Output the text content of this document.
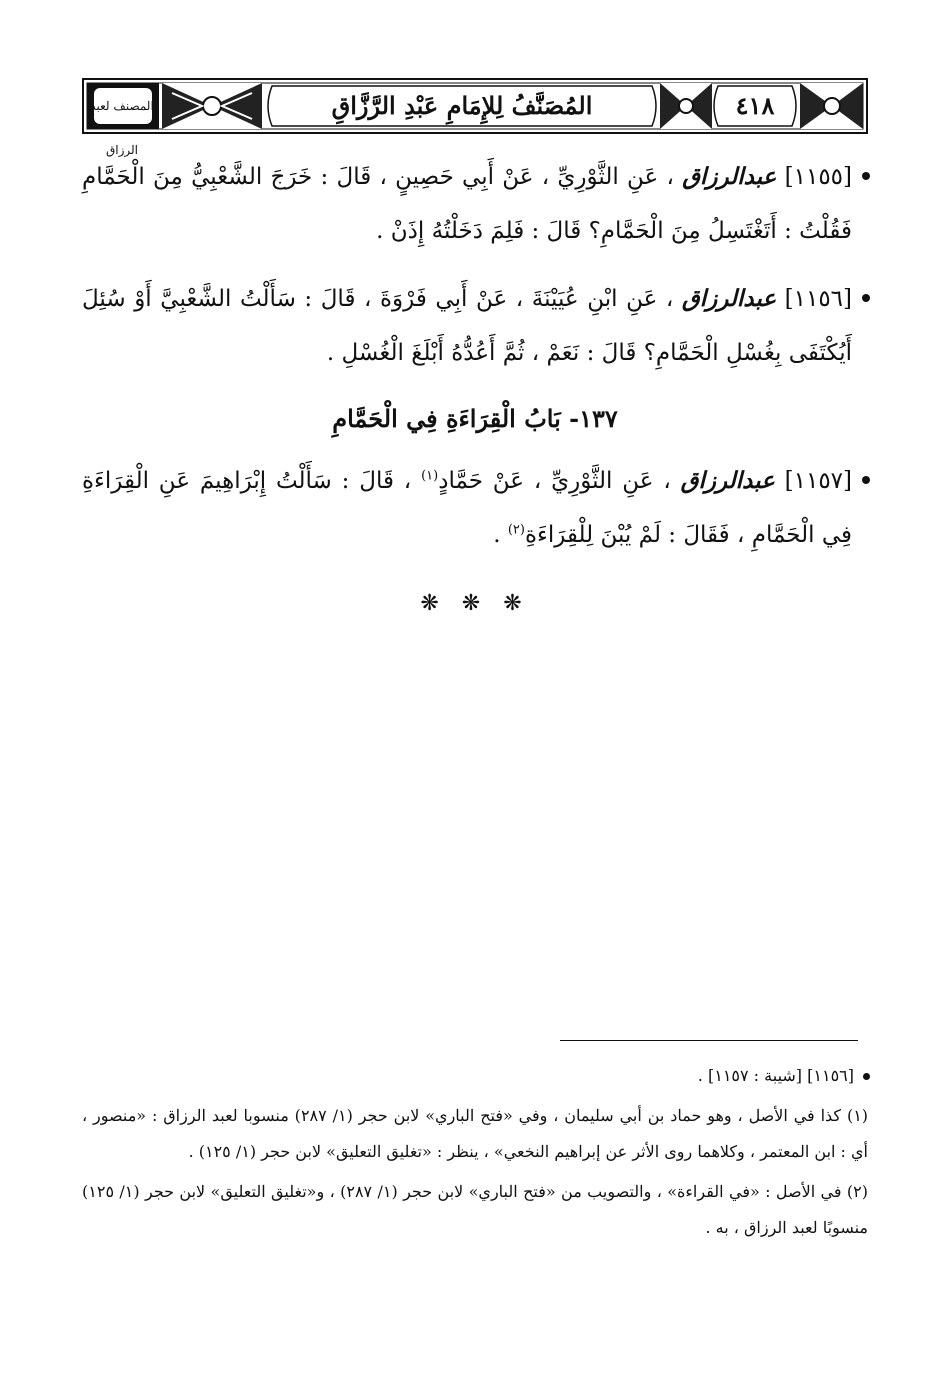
المصنف لعبد الرزاق
المُصَنَّفُ لِلإِمَامِ عَبْدِ الرَّزَّاقِ	٤١٨

[١١٥٥] عبدالرزاق ، عَنِ الثَّوْرِيِّ ، عَنْ أَبِي حَصِينٍ ، قَالَ : خَرَجَ الشَّعْبِيُّ مِنَ الْحَمَّامِ فَقُلْتُ : أَتَغْتَسِلُ مِنَ الْحَمَّامِ؟ قَالَ : فَلِمَ دَخَلْتُهُ إِذَنْ .

[١١٥٦] عبدالرزاق ، عَنِ ابْنِ عُيَيْنَةَ ، عَنْ أَبِي فَرْوَةَ ، قَالَ : سَأَلْتُ الشَّعْبِيَّ أَوْ سُئِلَ أَيُكْتَفَى بِغُسْلِ الْحَمَّامِ؟ قَالَ : نَعَمْ ، ثُمَّ أَعُدُّهُ أَبْلَغَ الْغُسْلِ .

١٣٧- بَابُ الْقِرَاءَةِ فِي الْحَمَّامِ

[١١٥٧] عبدالرزاق ، عَنِ الثَّوْرِيِّ ، عَنْ حَمَّادٍ$^{(١)}$ ، قَالَ : سَأَلْتُ إِبْرَاهِيمَ عَنِ الْقِرَاءَةِ فِي الْحَمَّامِ ، فَقَالَ : لَمْ يُبْنَ لِلْقِرَاءَةِ$^{(٢)}$ .

❋ ❋ ❋
[١١٥٦] [شيبة : ١١٥٧] .
(١) كذا في الأصل ، وهو حماد بن أبي سليمان ، وفي «فتح الباري» لابن حجر (١/ ٢٨٧) منسوبا لعبد الرزاق : «منصور ، أي : ابن المعتمر ، وكلاهما روى الأثر عن إبراهيم النخعي» ، ينظر : «تغليق التعليق» لابن حجر (١/ ١٢٥) .
(٢) في الأصل : «في القراءة» ، والتصويب من «فتح الباري» لابن حجر (١/ ٢٨٧) ، و«تغليق التعليق» لابن حجر (١/ ١٢٥) منسوبًا لعبد الرزاق ، به .
